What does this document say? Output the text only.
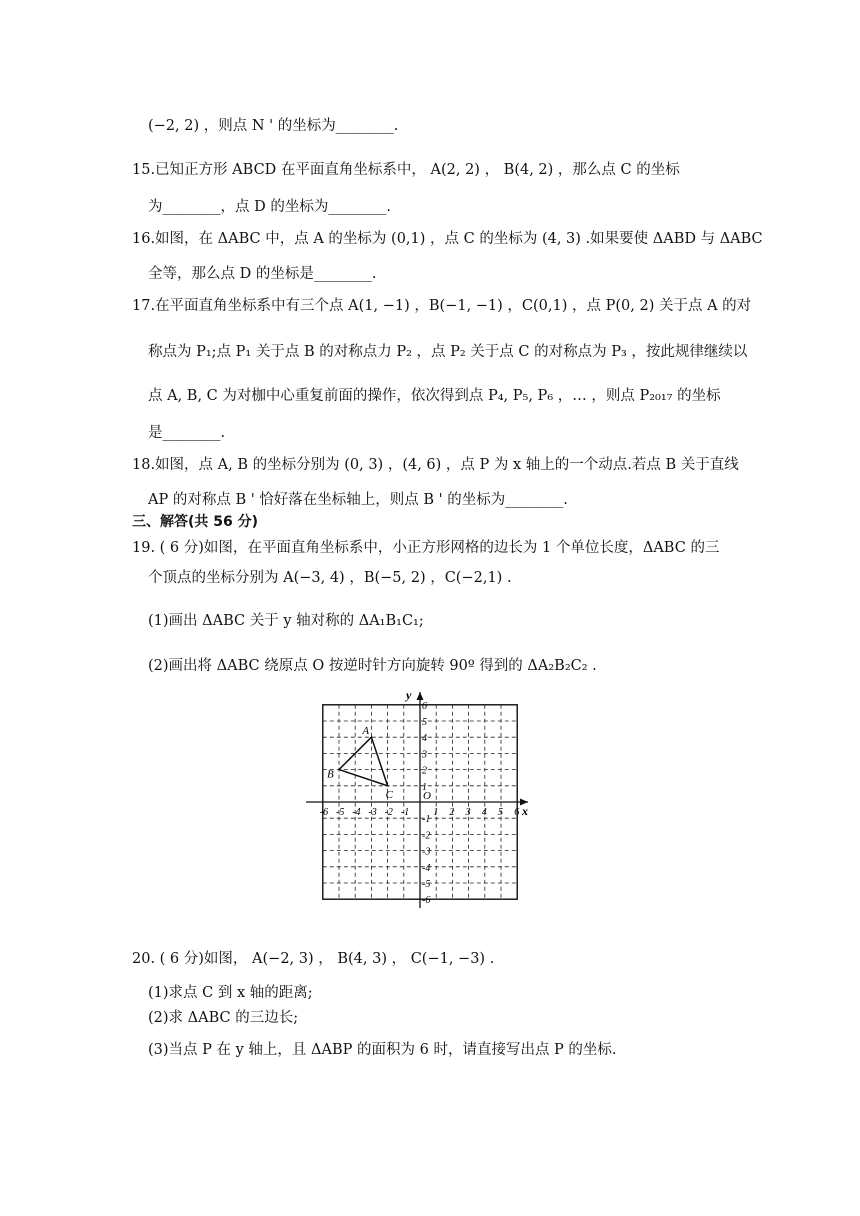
(−2, 2) ，则点 N ' 的坐标为________.
15.已知正方形 ABCD 在平面直角坐标系中， A(2, 2) ， B(4, 2) ，那么点 C 的坐标
为________，点 D 的坐标为________.
16.如图，在 ΔABC 中，点 A 的坐标为 (0,1) ，点 C 的坐标为 (4, 3) .如果要使 ΔABD 与 ΔABC
全等，那么点 D 的坐标是________.
17.在平面直角坐标系中有三个点 A(1, −1) ，B(−1, −1) ，C(0,1) ，点 P(0, 2) 关于点 A 的对
称点为 P₁;点 P₁ 关于点 B 的对称点力 P₂ ，点 P₂ 关于点 C 的对称点为 P₃ ，按此规律继续以
点 A, B, C 为对枷中心重复前面的操作，依次得到点 P₄, P₅, P₆ ，… ，则点 P₂₀₁₇ 的坐标
是________.
18.如图，点 A, B 的坐标分别为 (0, 3) ，(4, 6) ，点 P 为 x 轴上的一个动点.若点 B 关于直线
AP 的对称点 B ' 恰好落在坐标轴上，则点 B ' 的坐标为________.
三、解答(共 56 分)
19. ( 6 分)如图，在平面直角坐标系中，小正方形网格的边长为 1 个单位长度，ΔABC 的三
个顶点的坐标分别为 A(−3, 4) ，B(−5, 2) ，C(−2,1) .
(1)画出 ΔABC 关于 y 轴对称的 ΔA₁B₁C₁;
(2)画出将 ΔABC 绕原点 O 按逆时针方向旋转 90º 得到的 ΔA₂B₂C₂ .
x
y
O
-6 -5 -4 -3 -2 -1 1 2 3 4 5 6
6
5
4
3
2
1
-1
-2
-3
-4
-5
-6
A
B
C
20. ( 6 分)如图， A(−2, 3) ， B(4, 3) ， C(−1, −3) .
(1)求点 C 到 x 轴的距离;
(2)求 ΔABC 的三边长;
(3)当点 P 在 y 轴上，且 ΔABP 的面积为 6 时，请直接写出点 P 的坐标.
